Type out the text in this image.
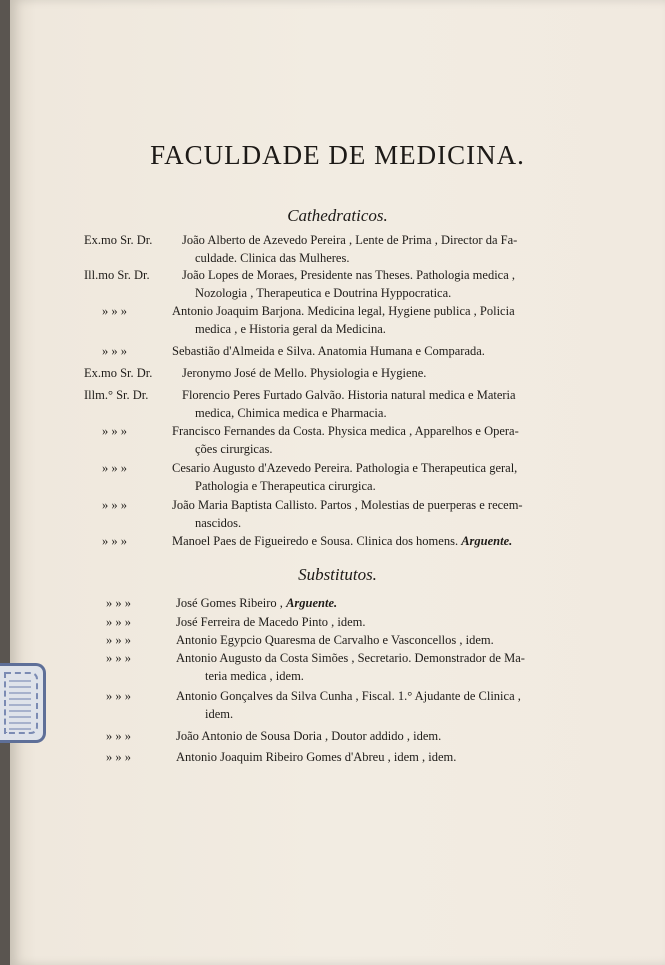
FACULDADE DE MEDICINA.
Cathedraticos.
Substitutos.
Ex.mo Sr. Dr. João Alberto de Azevedo Pereira , Lente de Prima , Director da Fa-
culdade. Clinica das Mulheres.
Ill.mo Sr. Dr.	João Lopes de Moraes, Presidente nas Theses. Pathologia medica ,
Nozologia , Therapeutica e Doutrina Hyppocratica.
» » »	Antonio Joaquim Barjona. Medicina legal, Hygiene publica , Policia
medica , e Historia geral da Medicina.
» » »	Sebastião d'Almeida e Silva. Anatomia Humana e Comparada.
Ex.mo Sr. Dr. Jeronymo José de Mello. Physiologia e Hygiene.
Illm.° Sr. Dr.	Florencio Peres Furtado Galvão. Historia natural medica e Materia
medica, Chimica medica e Pharmacia.
» » »	Francisco Fernandes da Costa. Physica medica , Apparelhos e Opera-
ções cirurgicas.
» » »	Cesario Augusto d'Azevedo Pereira. Pathologia e Therapeutica geral,
Pathologia e Therapeutica cirurgica.
» » »	João Maria Baptista Callisto. Partos , Molestias de puerperas e recem-
nascidos.
» » »	Manoel Paes de Figueiredo e Sousa. Clinica dos homens. Arguente.
» » »	José Gomes Ribeiro , Arguente.
» » »	José Ferreira de Macedo Pinto , idem.
» » »	Antonio Egypcio Quaresma de Carvalho e Vasconcellos , idem.
» » »	Antonio Augusto da Costa Simões , Secretario. Demonstrador de Ma-
teria medica , idem.
» » »	Antonio Gonçalves da Silva Cunha , Fiscal. 1.° Ajudante de Clinica ,
idem.
» » »	João Antonio de Sousa Doria , Doutor addido , idem.
» » »	Antonio Joaquim Ribeiro Gomes d'Abreu , idem , idem.
